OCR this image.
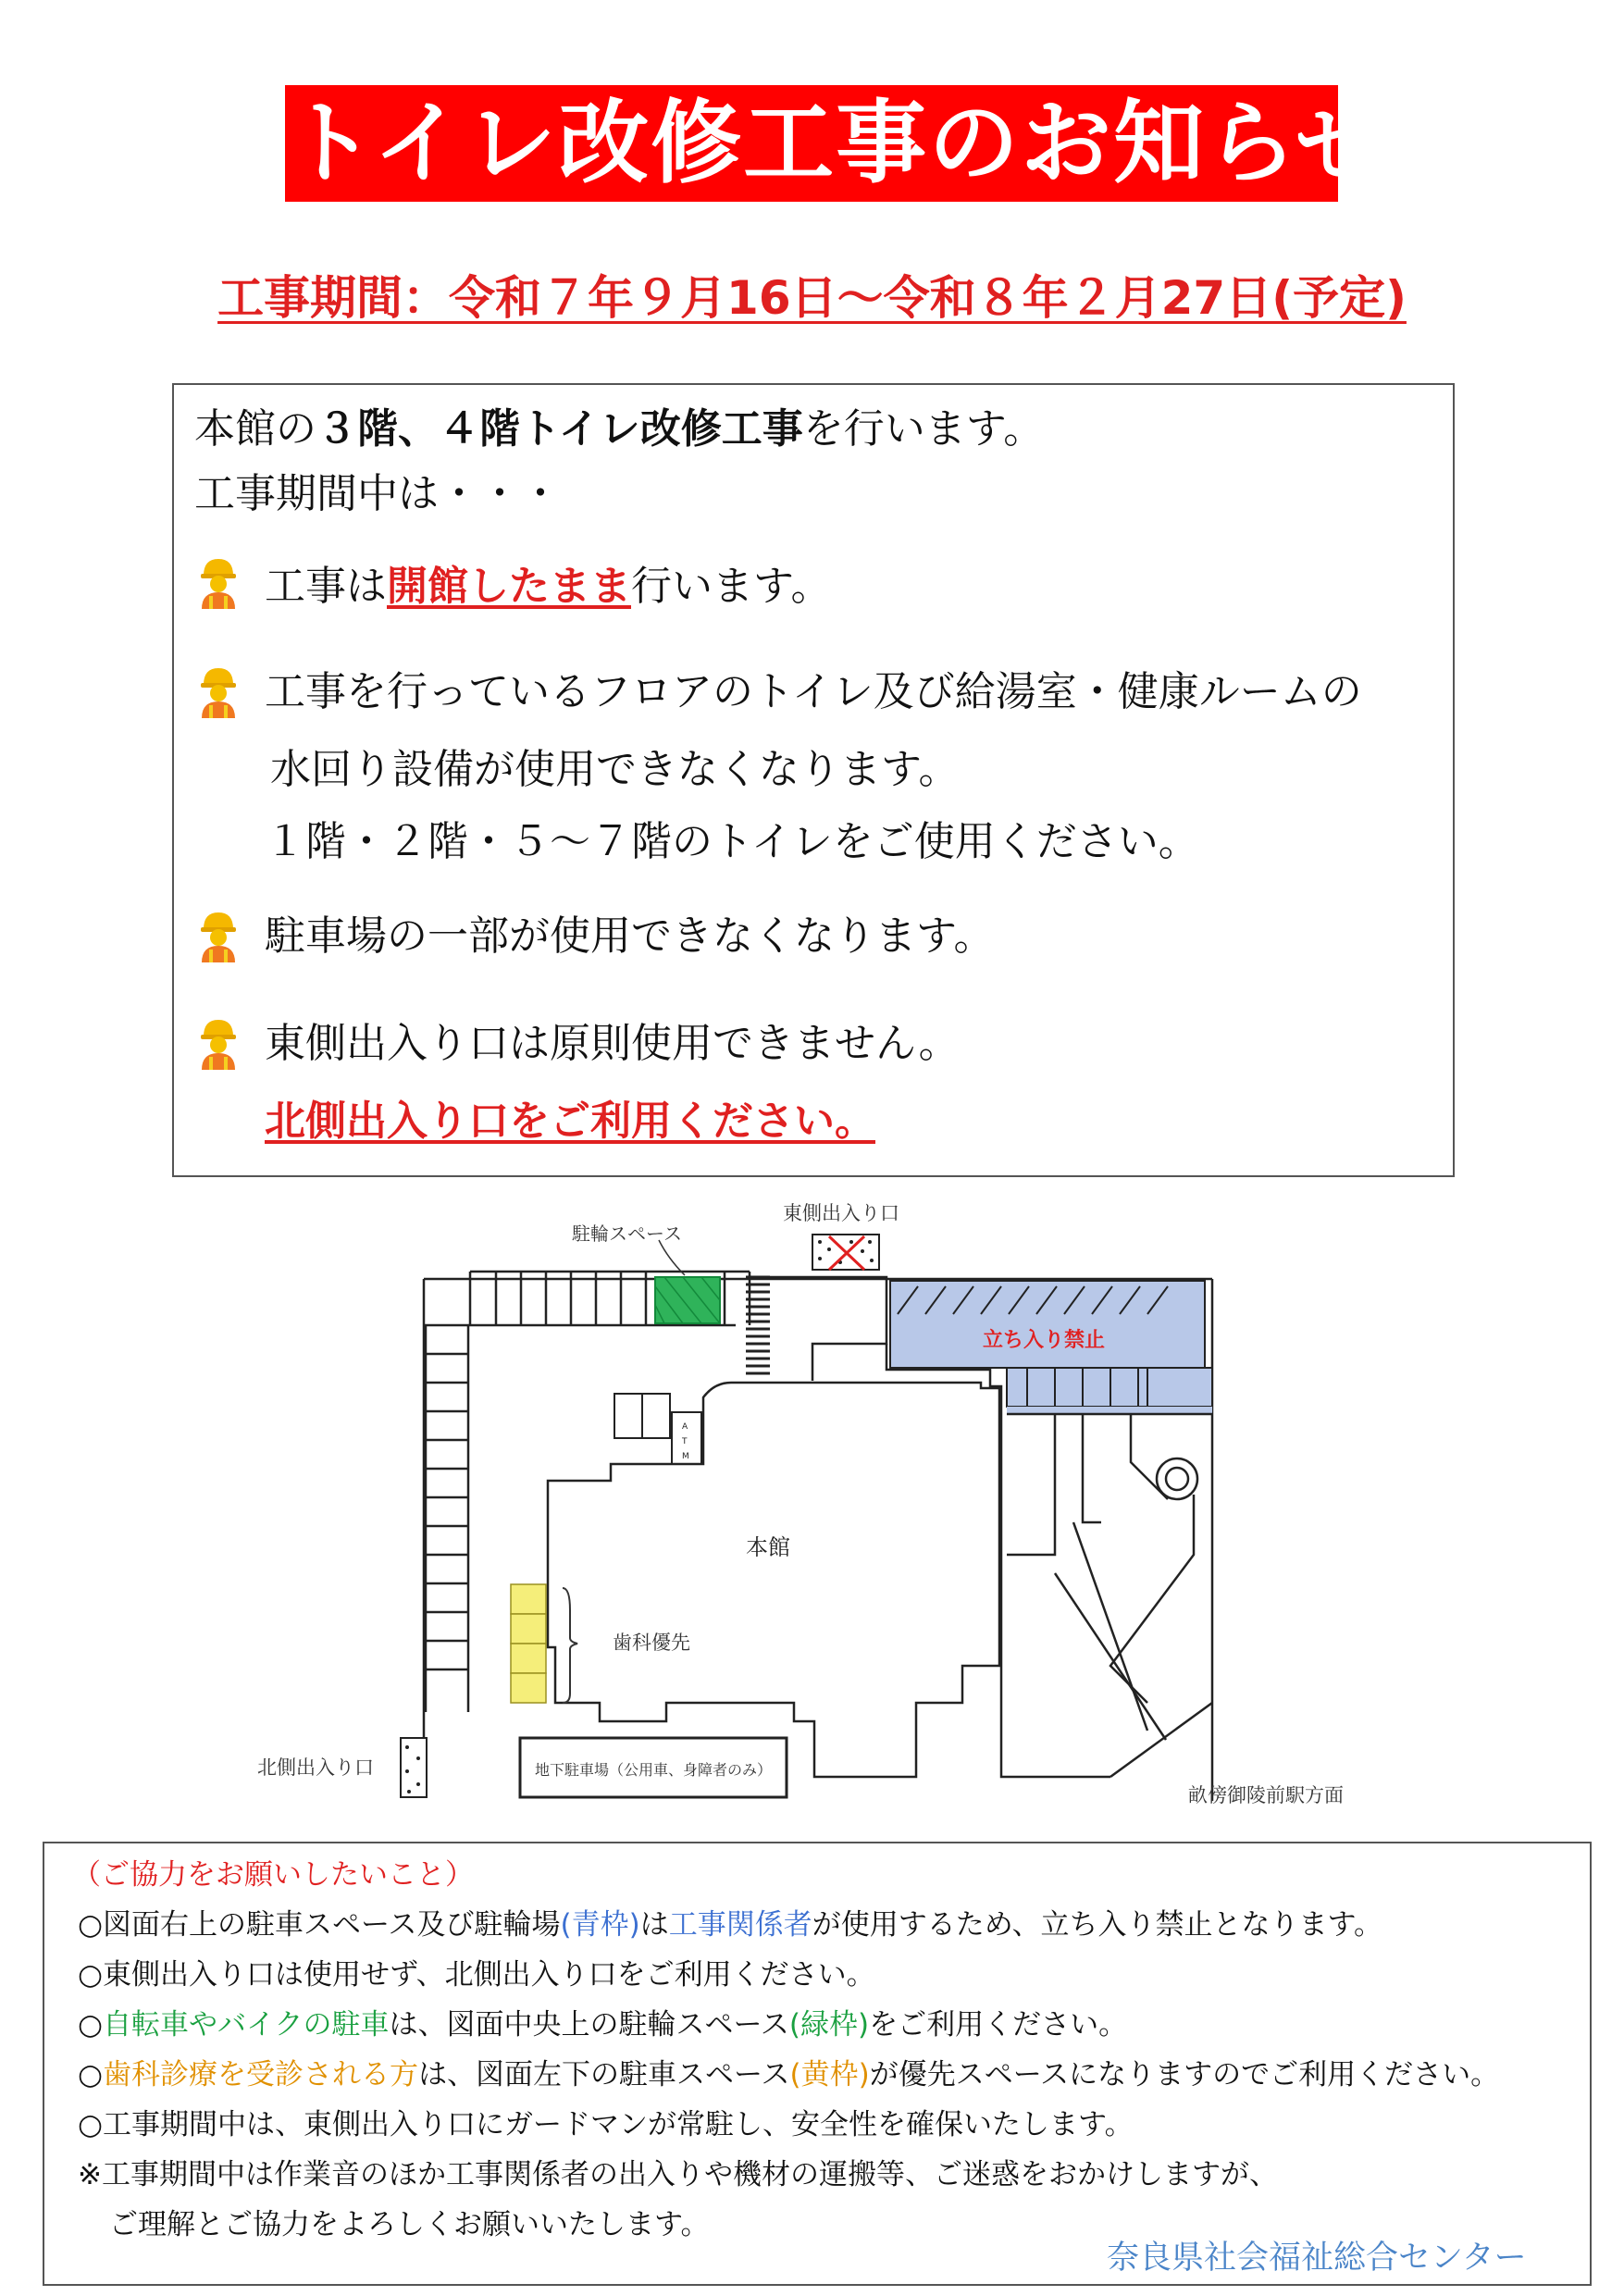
トイレ改修工事のお知らせ
工事期間：令和７年９月16日～令和８年２月27日(予定)
本館の３階、４階トイレ改修工事を行います。
工事期間中は・・・
工事は開館したまま行います。
工事を行っているフロアのトイレ及び給湯室・健康ルームの
水回り設備が使用できなくなります。
１階・２階・５～７階のトイレをご使用ください。
駐車場の一部が使用できなくなります。
東側出入り口は原則使用できません。
北側出入り口をご利用ください。
駐輪スペース
東側出入り口
立ち入り禁止
A
T
M
本館
歯科優先
北側出入り口	地下駐車場（公用車、身障者のみ）
畝傍御陵前駅方面
（ご協力をお願いしたいこと）
○図面右上の駐車スペース及び駐輪場(青枠)は工事関係者が使用するため、立ち入り禁止となります。
○東側出入り口は使用せず、北側出入り口をご利用ください。
○自転車やバイクの駐車は、図面中央上の駐輪スペース(緑枠)をご利用ください。
○歯科診療を受診される方は、図面左下の駐車スペース(黄枠)が優先スペースになりますのでご利用ください。
○工事期間中は、東側出入り口にガードマンが常駐し、安全性を確保いたします。
※工事期間中は作業音のほか工事関係者の出入りや機材の運搬等、ご迷惑をおかけしますが、
ご理解とご協力をよろしくお願いいたします。
奈良県社会福祉総合センター
